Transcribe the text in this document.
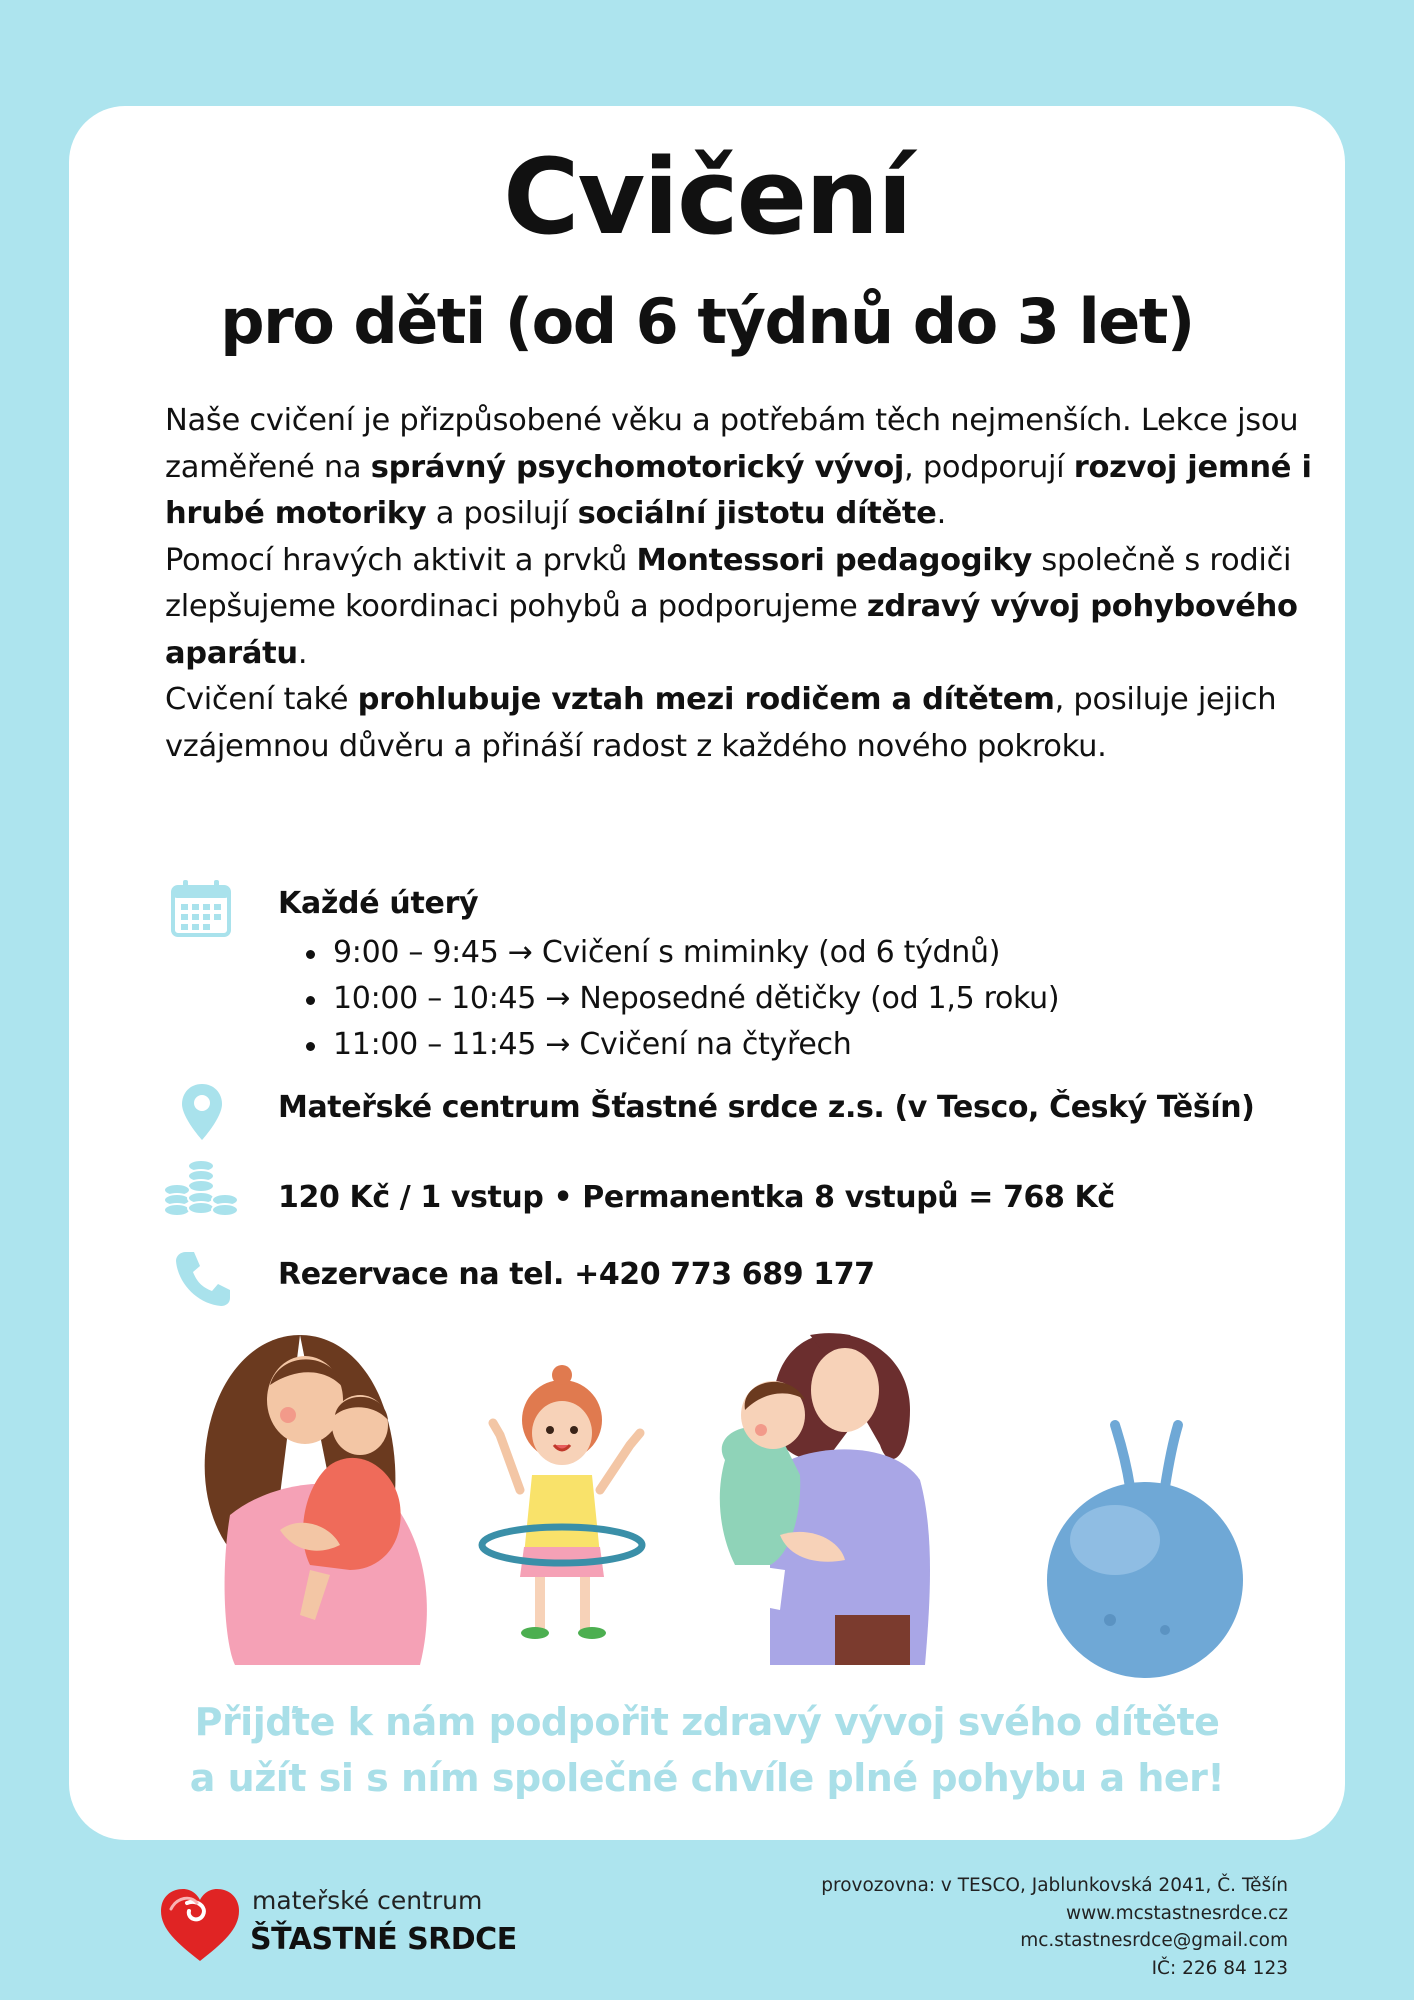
Cvičení
pro děti (od 6 týdnů do 3 let)

Naše cvičení je přizpůsobené věku a potřebám těch nejmenších. Lekce jsou zaměřené na správný psychomotorický vývoj, podporují rozvoj jemné i hrubé motoriky a posilují sociální jistotu dítěte.

Pomocí hravých aktivit a prvků Montessori pedagogiky společně s rodiči zlepšujeme koordinaci pohybů a podporujeme zdravý vývoj pohybového aparátu.

Cvičení také prohlubuje vztah mezi rodičem a dítětem, posiluje jejich vzájemnou důvěru a přináší radost z každého nového pokroku.

Každé úterý
9:00 – 9:45 → Cvičení s miminky (od 6 týdnů)
10:00 – 10:45 → Neposedné dětičky (od 1,5 roku)
11:00 – 11:45 → Cvičení na čtyřech
Mateřské centrum Šťastné srdce z.s. (v Tesco, Český Těšín)
120 Kč / 1 vstup • Permanentka 8 vstupů = 768 Kč
Rezervace na tel. +420 773 689 177
Přijďte k nám podpořit zdravý vývoj svého dítěte
a užít si s ním společné chvíle plné pohybu a her!
mateřské centrum
ŠŤASTNÉ SRDCE
provozovna: v TESCO, Jablunkovská 2041, Č. Těšín
www.mcstastnesrdce.cz
mc.stastnesrdce@gmail.com
IČ: 226 84 123
